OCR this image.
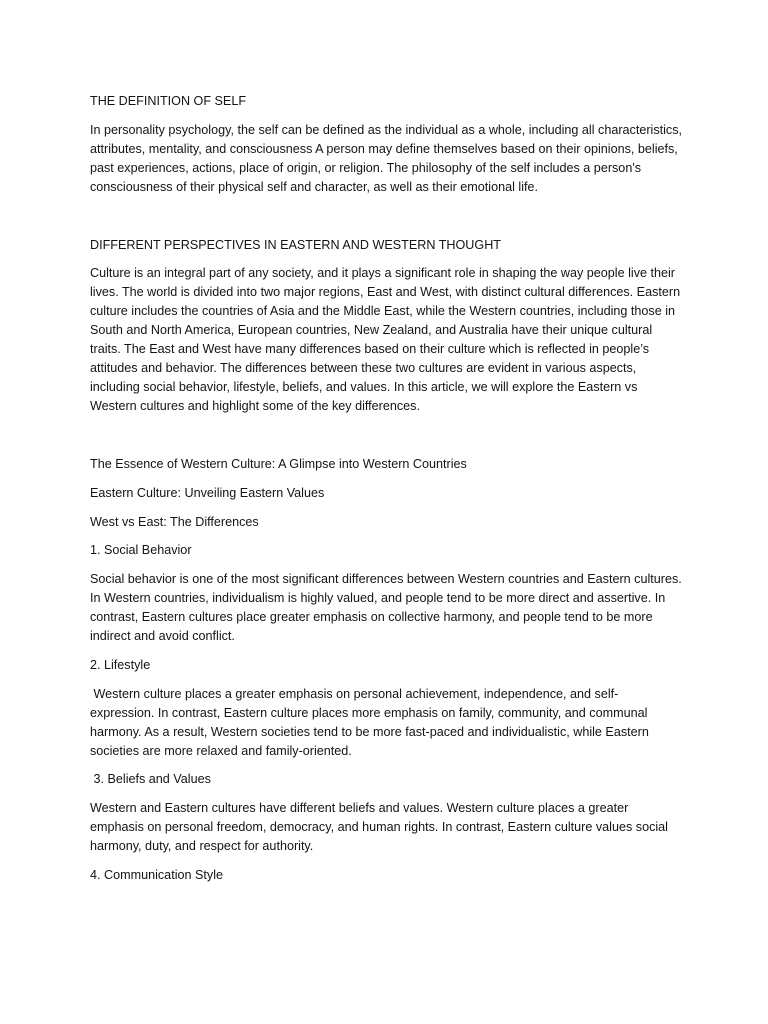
THE DEFINITION OF SELF

In personality psychology, the self can be defined as the individual as a whole, including all characteristics, attributes, mentality, and consciousness A person may define themselves based on their opinions, beliefs, past experiences, actions, place of origin, or religion. The philosophy of the self includes a person's consciousness of their physical self and character, as well as their emotional life.

DIFFERENT PERSPECTIVES IN EASTERN AND WESTERN THOUGHT

Culture is an integral part of any society, and it plays a significant role in shaping the way people live their lives. The world is divided into two major regions, East and West, with distinct cultural differences. Eastern culture includes the countries of Asia and the Middle East, while the Western countries, including those in South and North America, European countries, New Zealand, and Australia have their unique cultural traits. The East and West have many differences based on their culture which is reflected in people’s attitudes and behavior. The differences between these two cultures are evident in various aspects, including social behavior, lifestyle, beliefs, and values. In this article, we will explore the Eastern vs Western cultures and highlight some of the key differences.

The Essence of Western Culture: A Glimpse into Western Countries

Eastern Culture: Unveiling Eastern Values

West vs East: The Differences

1. Social Behavior

Social behavior is one of the most significant differences between Western countries and Eastern cultures. In Western countries, individualism is highly valued, and people tend to be more direct and assertive. In contrast, Eastern cultures place greater emphasis on collective harmony, and people tend to be more indirect and avoid conflict.

2. Lifestyle

Western culture places a greater emphasis on personal achievement, independence, and self-expression. In contrast, Eastern culture places more emphasis on family, community, and communal harmony. As a result, Western societies tend to be more fast-paced and individualistic, while Eastern societies are more relaxed and family-oriented.

3. Beliefs and Values

Western and Eastern cultures have different beliefs and values. Western culture places a greater emphasis on personal freedom, democracy, and human rights. In contrast, Eastern culture values social harmony, duty, and respect for authority.

4. Communication Style
